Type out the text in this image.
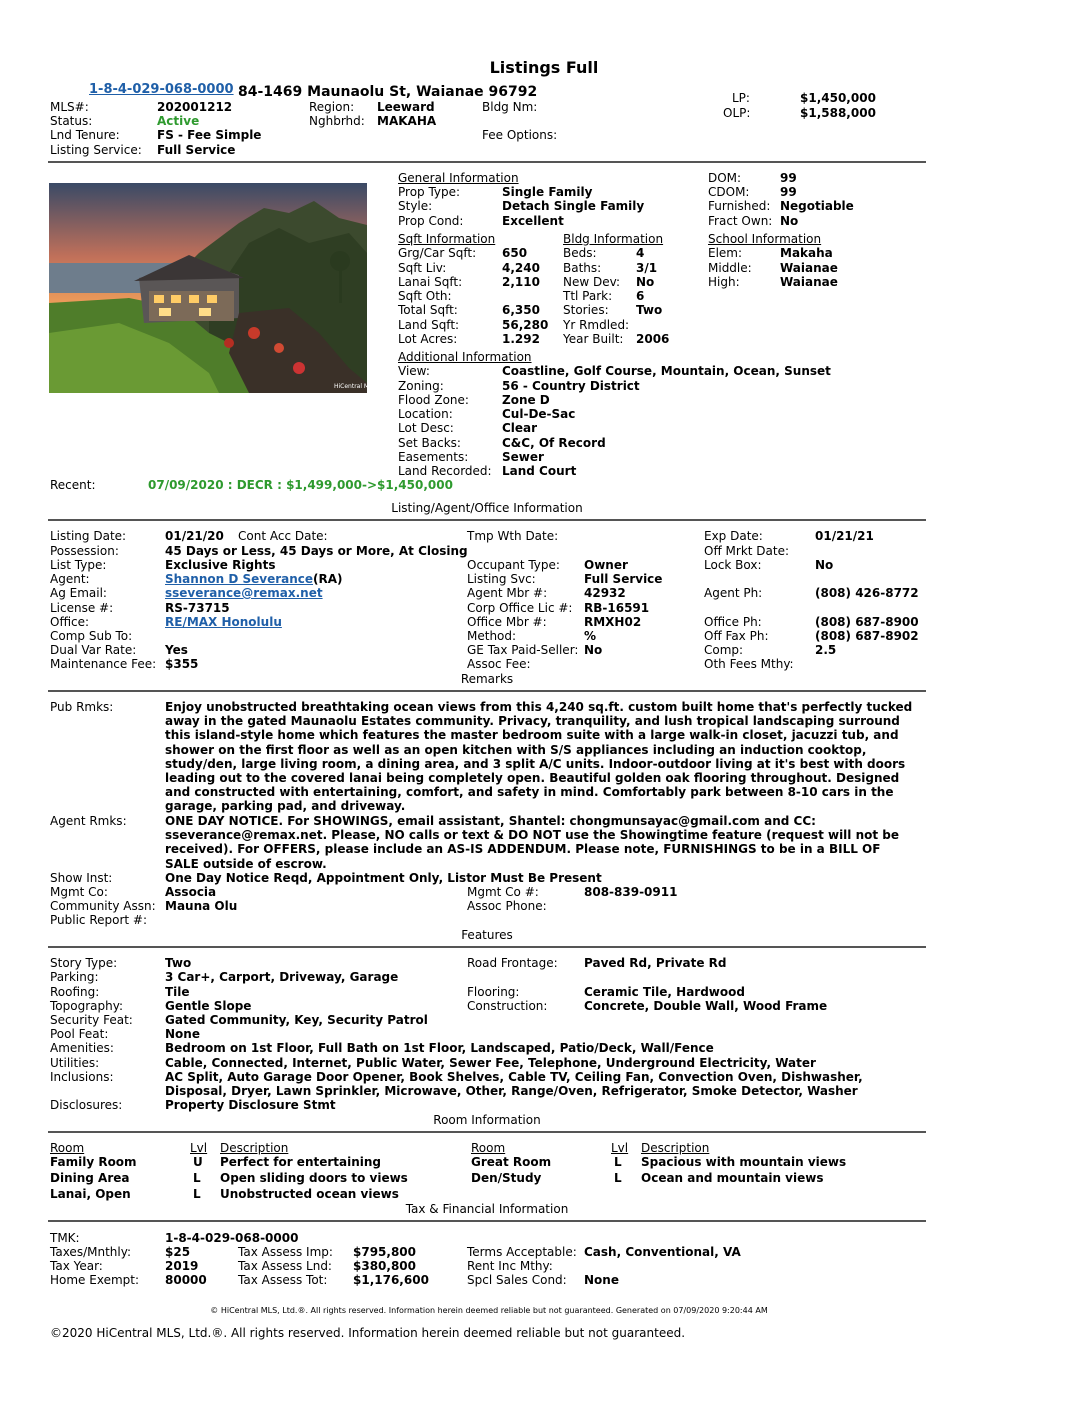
Listings Full
1-8-4-029-068-0000 84-1469 Maunaolu St, Waianae 96792
MLS#:	202001212	Region: Leeward	Bldg Nm:
Status:	Active	Nghbrhd: MAKAHA
Lnd Tenure:	FS - Fee Simple	Fee Options:
Listing Service: Full Service
LP:	$1,450,000
OLP:	$1,588,000
HiCentral MLS
General Information
Prop Type:	Single Family
Style:	Detach Single Family
Prop Cond:	Excellent
DOM:	99
CDOM:	99
Furnished: Negotiable
Fract Own: No
Sqft Information
Grg/Car Sqft: 650
Sqft Liv:	4,240
Lanai Sqft:	2,110
Sqft Oth:
Total Sqft:	6,350
Land Sqft:	56,280
Lot Acres:	1.292
Bldg Information
Beds:	4
Baths:	3/1
New Dev: No
Ttl Park: 6
Stories: Two
Yr Rmdled:
Year Built: 2006
School Information
Elem:	Makaha
Middle: Waianae
High:	Waianae
Additional Information
View:	Coastline, Golf Course, Mountain, Ocean, Sunset
Zoning:	56 - Country District
Flood Zone:	Zone D
Location:	Cul-De-Sac
Lot Desc:	Clear
Set Backs:	C&C, Of Record
Easements:	Sewer
Land Recorded: Land Court
Recent:	07/09/2020 : DECR : $1,499,000->$1,450,000
Listing/Agent/Office Information
Listing Date:	01/21/20 Cont Acc Date:	Tmp Wth Date:	Exp Date:	01/21/21
Possession:	45 Days or Less, 45 Days or More, At Closing	Off Mrkt Date:
List Type:	Exclusive Rights	Occupant Type: Owner	Lock Box:	No
Agent:	Shannon D Severance(RA)	Listing Svc:	Full Service
Ag Email:	sseverance@remax.net	Agent Mbr #:	42932	Agent Ph:	(808) 426-8772
License #:	RS-73715	Corp Office Lic #: RB-16591
Office:	RE/MAX Honolulu	Office Mbr #:	RMXH02	Office Ph:	(808) 687-8900
Comp Sub To:	Method:	%	Off Fax Ph:	(808) 687-8902
Dual Var Rate: Yes	GE Tax Paid-Seller: No	Comp:	2.5
Maintenance Fee: $355	Assoc Fee:	Oth Fees Mthy:
Remarks
Pub Rmks:	Enjoy unobstructed breathtaking ocean views from this 4,240 sq.ft. custom built home that's perfectly tucked away in the gated Maunaolu Estates community. Privacy, tranquility, and lush tropical landscaping surround this island-style home which features the master bedroom suite with a large walk-in closet, jacuzzi tub, and shower on the first floor as well as an open kitchen with S/S appliances including an induction cooktop, study/den, large living room, a dining area, and 3 split A/C units. Indoor-outdoor living at it's best with doors leading out to the covered lanai being completely open. Beautiful golden oak flooring throughout. Designed and constructed with entertaining, comfort, and safety in mind. Comfortably park between 8-10 cars in the garage, parking pad, and driveway.
Agent Rmks:	ONE DAY NOTICE. For SHOWINGS, email assistant, Shantel: chongmunsayac@gmail.com and CC: sseverance@remax.net. Please, NO calls or text & DO NOT use the Showingtime feature (request will not be received). For OFFERS, please include an AS-IS ADDENDUM. Please note, FURNISHINGS to be in a BILL OF SALE outside of escrow.
Show Inst:	One Day Notice Reqd, Appointment Only, Listor Must Be Present
Mgmt Co:	Associa	Mgmt Co #:	808-839-0911
Community Assn: Mauna Olu	Assoc Phone:
Public Report #:
Features
Story Type:	Two	Road Frontage: Paved Rd, Private Rd
Parking:	3 Car+, Carport, Driveway, Garage
Roofing:	Tile	Flooring:	Ceramic Tile, Hardwood
Topography:	Gentle Slope	Construction:	Concrete, Double Wall, Wood Frame
Security Feat:	Gated Community, Key, Security Patrol
Pool Feat:	None
Amenities:	Bedroom on 1st Floor, Full Bath on 1st Floor, Landscaped, Patio/Deck, Wall/Fence
Utilities:	Cable, Connected, Internet, Public Water, Sewer Fee, Telephone, Underground Electricity, Water
Inclusions:	AC Split, Auto Garage Door Opener, Book Shelves, Cable TV, Ceiling Fan, Convection Oven, Dishwasher, Disposal, Dryer, Lawn Sprinkler, Microwave, Other, Range/Oven, Refrigerator, Smoke Detector, Washer
Disclosures:	Property Disclosure Stmt
Room Information
Room	Lvl Description	Room	Lvl Description
Family Room	U Perfect for entertaining	Great Room	L Spacious with mountain views
Dining Area	L Open sliding doors to views	Den/Study	L Ocean and mountain views
Lanai, Open	L Unobstructed ocean views
Tax & Financial Information
TMK:	1-8-4-029-068-0000
Taxes/Mnthly:	$25	Tax Assess Imp: $795,800	Terms Acceptable: Cash, Conventional, VA
Tax Year:	2019	Tax Assess Lnd: $380,800	Rent Inc Mthy:
Home Exempt: 80000	Tax Assess Tot: $1,176,600	Spcl Sales Cond: None
© HiCentral MLS, Ltd.®. All rights reserved. Information herein deemed reliable but not guaranteed. Generated on 07/09/2020 9:20:44 AM
©2020 HiCentral MLS, Ltd.®. All rights reserved. Information herein deemed reliable but not guaranteed.
